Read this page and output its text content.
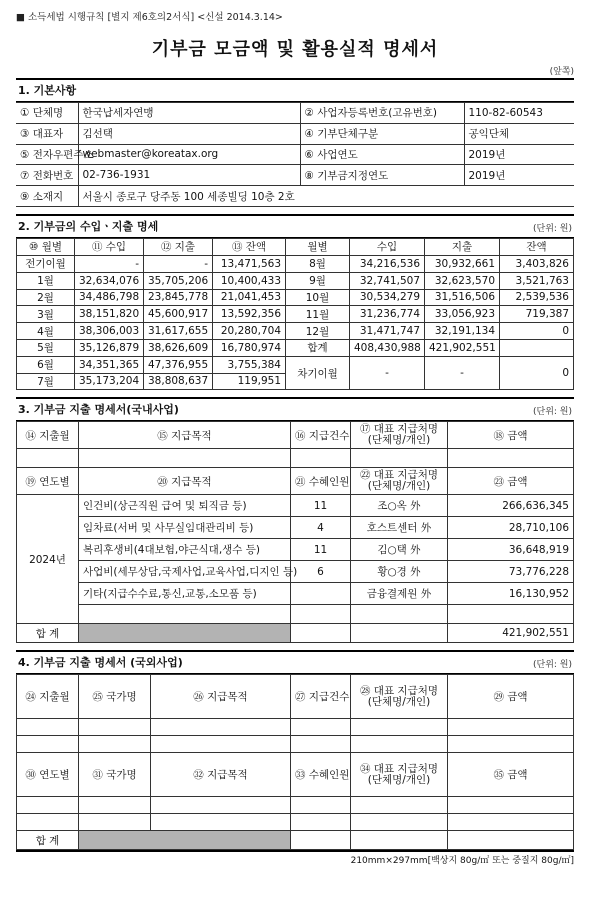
■ 소득세법 시행규칙 [별지 제6호의2서식] <신설 2014.3.14>
기부금 모금액 및 활용실적 명세서
(앞쪽)
1. 기본사항
① 단체명	한국납세자연맹	② 사업자등록번호(고유번호)	110-82-60543
③ 대표자	김선택	④ 기부단체구분	공익단체
⑤ 전자우편주소	webmaster@koreatax.org	⑥ 사업연도	2019년
⑦ 전화번호	02-736-1931	⑧ 기부금지정연도	2019년
⑨ 소재지	서울시 종로구 당주동 100 세종빌딩 10층 2호		
2. 기부금의 수입ㆍ지출 명세	(단위: 원)
⑩ 월별	⑪ 수입	⑫ 지출	⑬ 잔액	월별	수입	지출	잔액
전기이월	-	-	13,471,563	8월	34,216,536	30,932,661	3,403,826
1월	32,634,076	35,705,206	10,400,433	9월	32,741,507	32,623,570	3,521,763
2월	34,486,798	23,845,778	21,041,453	10월	30,534,279	31,516,506	2,539,536
3월	38,151,820	45,600,917	13,592,356	11월	31,236,774	33,056,923	719,387
4월	38,306,003	31,617,655	20,280,704	12월	31,471,747	32,191,134	0
5월	35,126,879	38,626,609	16,780,974	합계	408,430,988	421,902,551	
6월	34,351,365	47,376,955	3,755,384	차기이월	-	-	0
7월	35,173,204	38,808,637	119,951				
3. 기부금 지출 명세서(국내사업)	(단위: 원)
⑭ 지출월	⑮ 지급목적	⑯ 지급건수	⑰ 대표 지급처명
(단체명/개인)	⑱ 금액

⑲ 연도별	⑳ 지급목적	㉑ 수혜인원	㉒ 대표 지급처명
(단체명/개인)	㉓ 금액

2024년	인건비(상근직원 급여 및 퇴직금 등)	11	조○옥 外	266,636,345
	임차료(서버 및 사무실임대관리비 등)	4	호스트센터 外	28,710,106
	복리후생비(4대보험,야근식대,생수 등)	11	김○택 外	36,648,919
	사업비(세무상담,국제사업,교육사업,디지인 등)	6	황○경 外	73,776,228
	기타(지급수수료,통신,교통,소모품 등)		금융결제원 外	16,130,952

합 계				421,902,551
4. 기부금 지출 명세서 (국외사업)	(단위: 원)
㉔ 지출월	㉕ 국가명	㉖ 지급목적	㉗ 지급건수	㉘ 대표 지급처명
(단체명/개인)	㉙ 금액

㉚ 연도별	㉛ 국가명	㉜ 지급목적	㉝ 수혜인원	㉞ 대표 지급처명
(단체명/개인)	㉟ 금액

합 계					
210mm×297mm[백상지 80g/㎡ 또는 중질지 80g/㎡]
